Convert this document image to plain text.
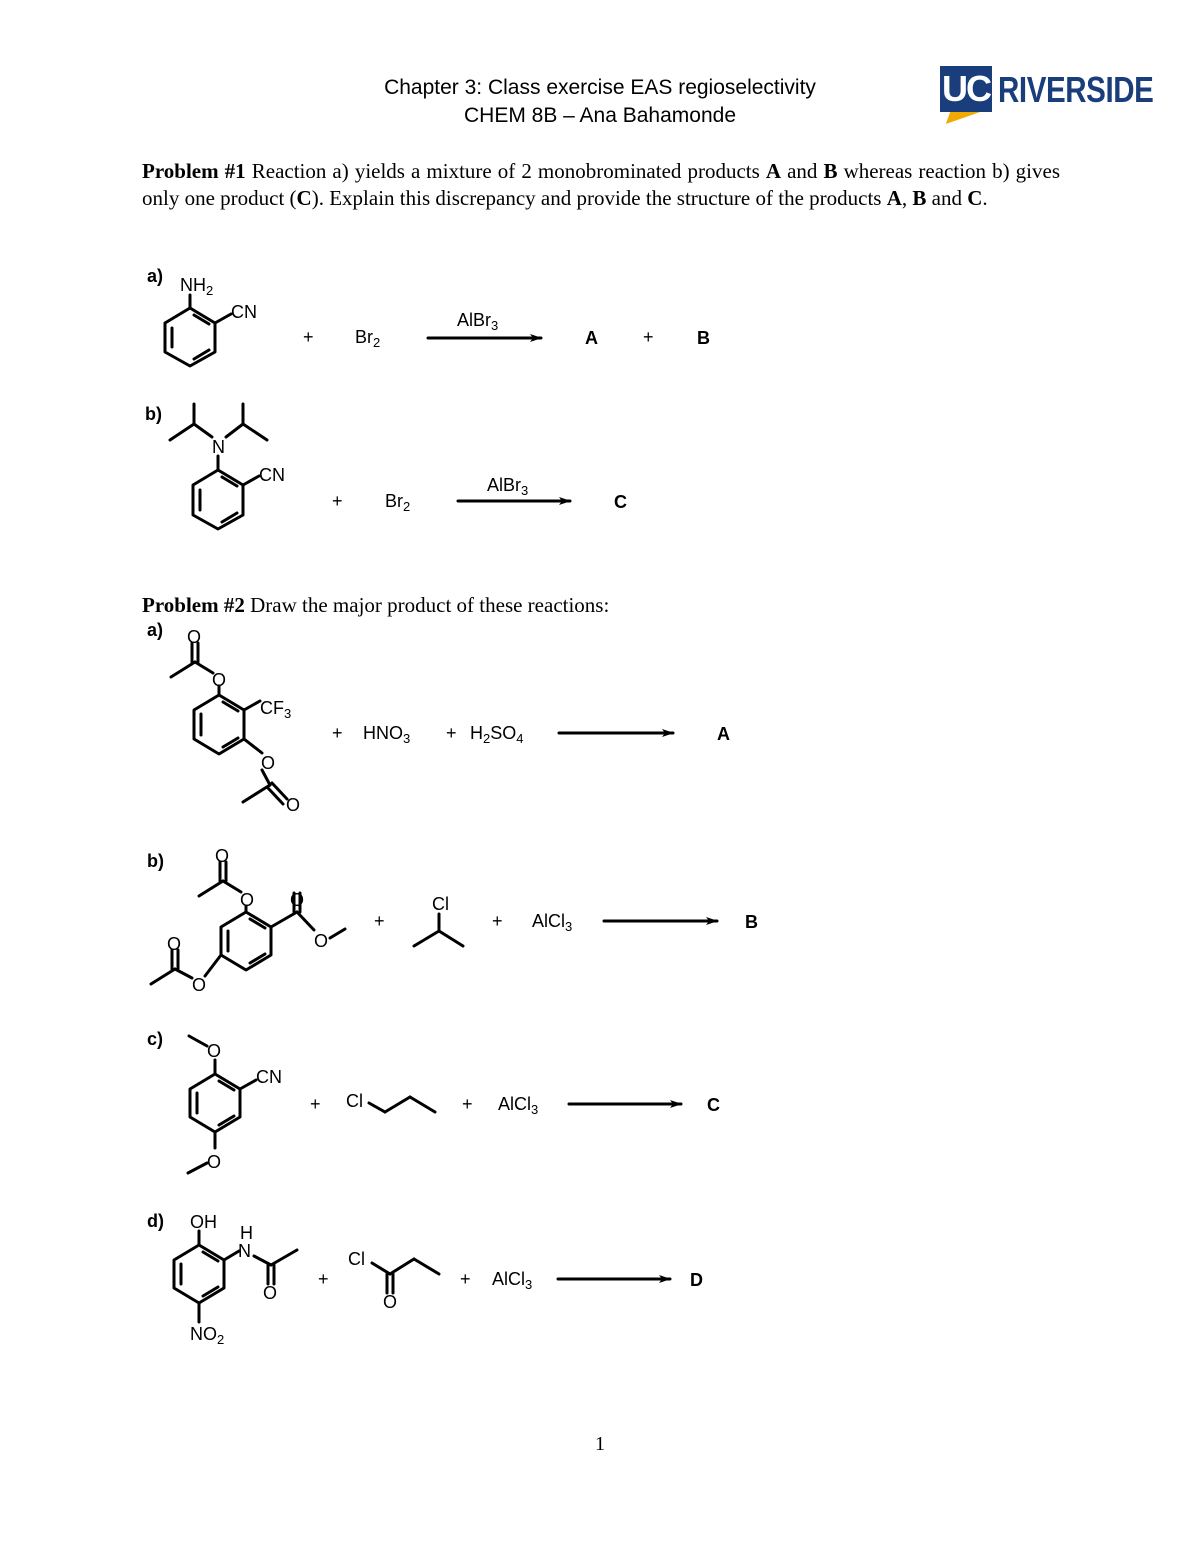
Chapter 3: Class exercise EAS regioselectivity
CHEM 8B – Ana Bahamonde
UC RIVERSIDE
Problem #1 Reaction a) yields a mixture of 2 monobrominated products A and B whereas reaction b) gives only one product (C). Explain this discrepancy and provide the structure of the products A, B and C.
Problem #2 Draw the major product of these reactions:
a) $NH_2$
CN
+ $Br_2$
AlBr$_3$
A	+ B
b)
N
CN
+ $Br_2$
AlBr$_3$
C
a) O
O
$CF_3$
O
O
+ $HNO_3 + H_2SO_4$	A
b)	O
O
O
O
O
O
+
Cl
+ AlCl$_3$	B
c)
O
CN
O
+ Cl	+ AlCl$_3$	C
d) OH
H
N
O
$NO_2$
+
Cl
O
+ AlCl$_3$	D
1
